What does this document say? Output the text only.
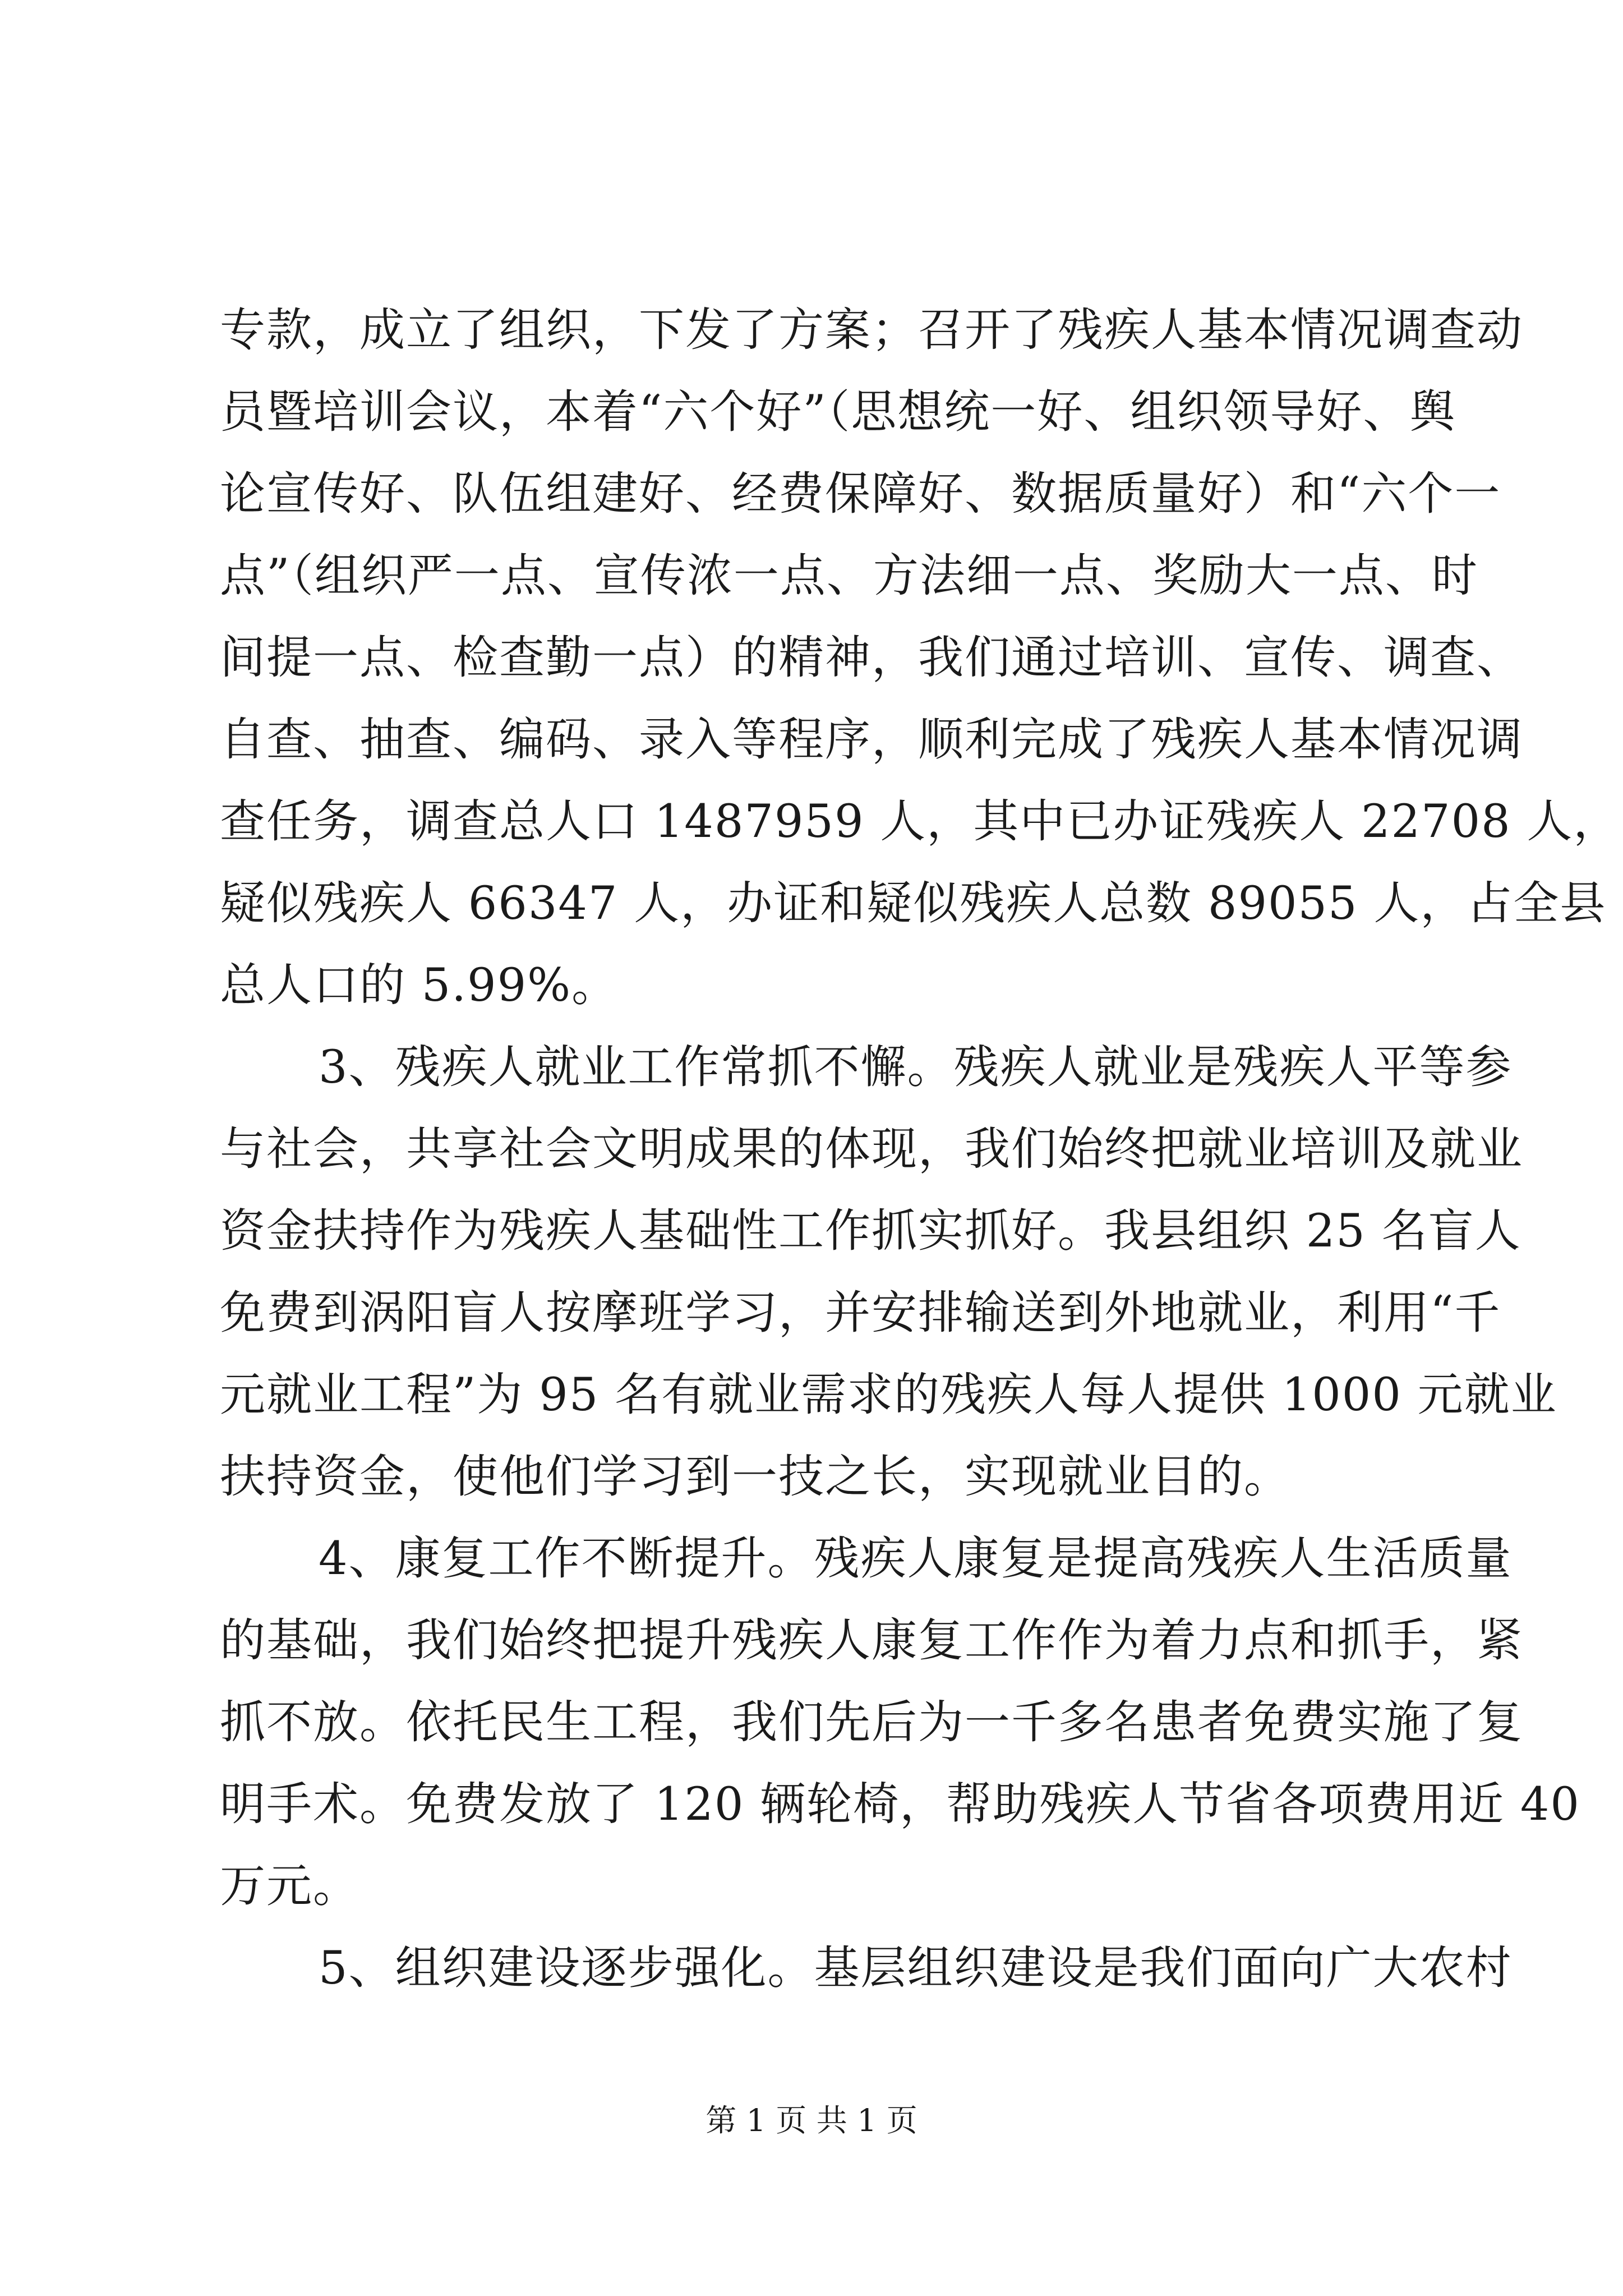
专款，成立了组织，下发了方案；召开了残疾人基本情况调查动
员暨培训会议，本着“六个好”（思想统一好、组织领导好、舆
论宣传好、队伍组建好、经费保障好、数据质量好）和“六个一
点”（组织严一点、宣传浓一点、方法细一点、奖励大一点、时
间提一点、检查勤一点）的精神，我们通过培训、宣传、调查、
自查、抽查、编码、录入等程序，顺利完成了残疾人基本情况调
查任务，调查总人口 1487959 人，其中已办证残疾人 22708 人，
疑似残疾人 66347 人，办证和疑似残疾人总数 89055 人，占全县
总人口的 5.99%。
3、残疾人就业工作常抓不懈。残疾人就业是残疾人平等参
与社会，共享社会文明成果的体现，我们始终把就业培训及就业
资金扶持作为残疾人基础性工作抓实抓好。我县组织 25 名盲人
免费到涡阳盲人按摩班学习，并安排输送到外地就业，利用“千
元就业工程”为 95 名有就业需求的残疾人每人提供 1000 元就业
扶持资金，使他们学习到一技之长，实现就业目的。
4、康复工作不断提升。残疾人康复是提高残疾人生活质量
的基础，我们始终把提升残疾人康复工作作为着力点和抓手，紧
抓不放。依托民生工程，我们先后为一千多名患者免费实施了复
明手术。免费发放了 120 辆轮椅，帮助残疾人节省各项费用近 40
万元。
5、组织建设逐步强化。基层组织建设是我们面向广大农村
第 1 页 共 1 页
